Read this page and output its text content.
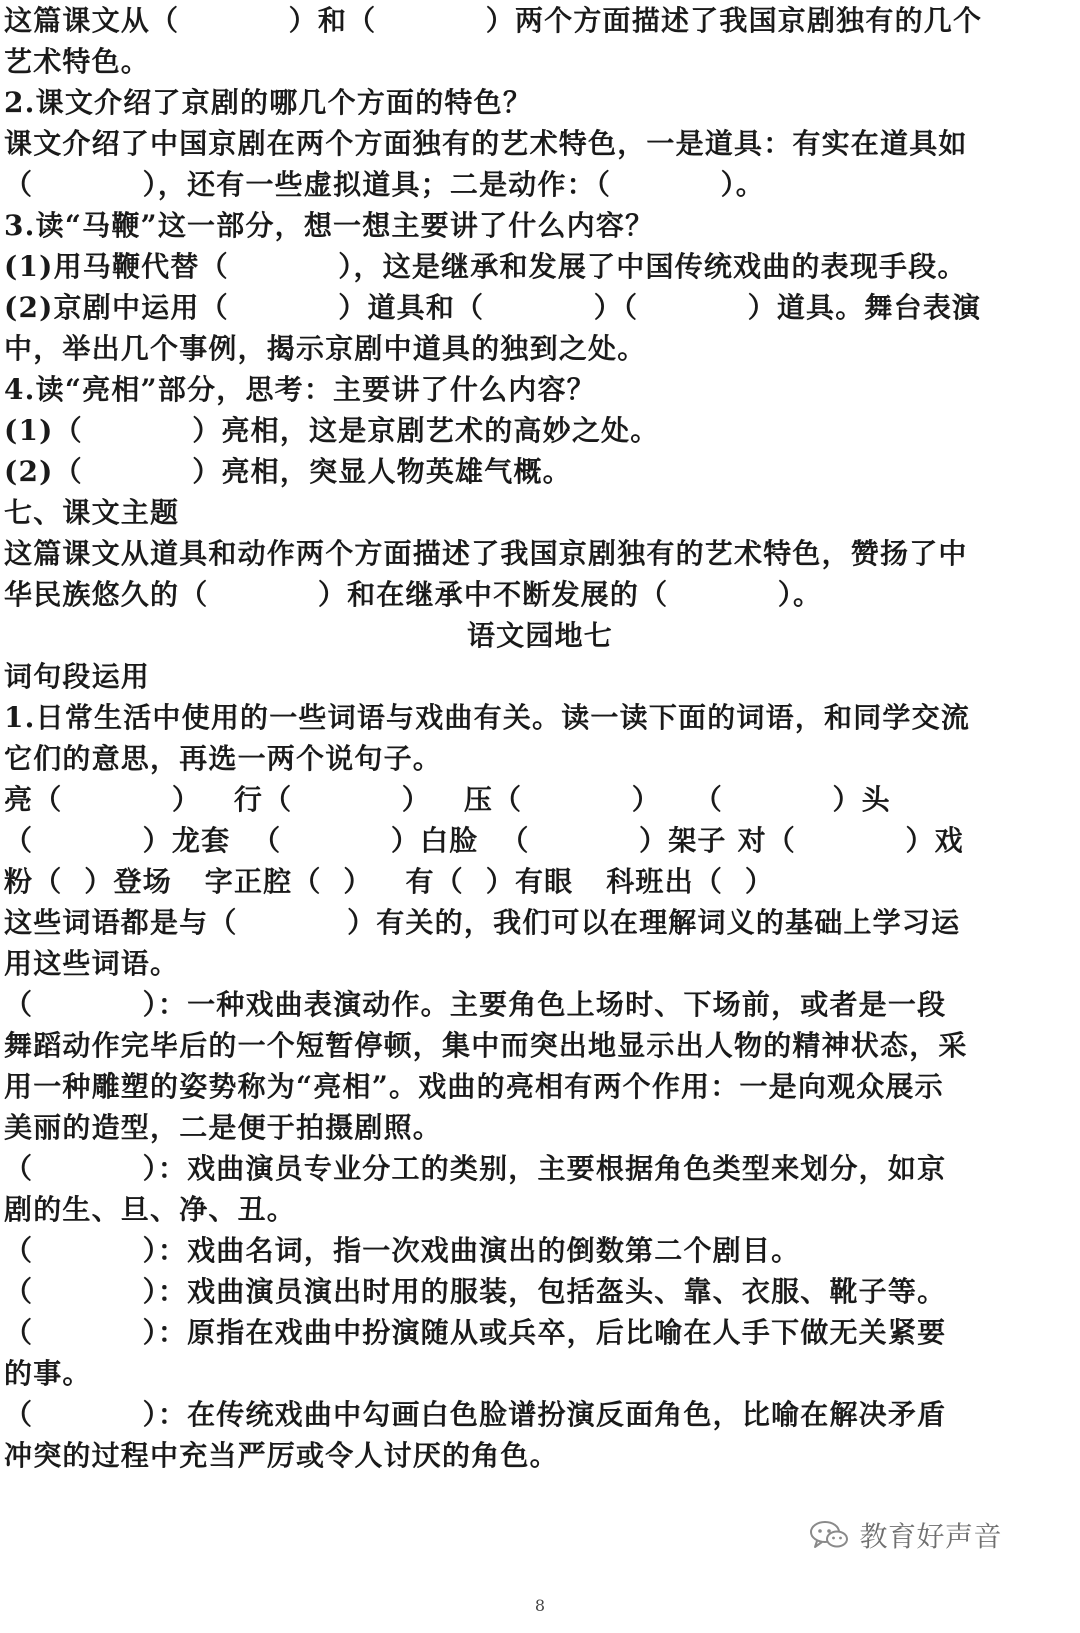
这篇课文从（          ）和（          ）两个方面描述了我国京剧独有的几个
艺术特色。
2.课文介绍了京剧的哪几个方面的特色？
课文介绍了中国京剧在两个方面独有的艺术特色，一是道具：有实在道具如
（          ），还有一些虚拟道具；二是动作：（          ）。
3.读“马鞭”这一部分，想一想主要讲了什么内容？
(1)用马鞭代替（          ），这是继承和发展了中国传统戏曲的表现手段。
(2)京剧中运用（          ）道具和（          ）（          ）道具。舞台表演
中，举出几个事例，揭示京剧中道具的独到之处。
4.读“亮相”部分，思考：主要讲了什么内容？
(1)（          ）亮相，这是京剧艺术的高妙之处。
(2)（          ）亮相，突显人物英雄气概。
七、课文主题
这篇课文从道具和动作两个方面描述了我国京剧独有的艺术特色，赞扬了中
华民族悠久的（          ）和在继承中不断发展的（          ）。
语文园地七
词句段运用
1.日常生活中使用的一些词语与戏曲有关。读一读下面的词语，和同学交流
它们的意思，再选一两个说句子。
亮（          ）   行（          ）   压（          ）   （          ）头
（          ）龙套  （          ）白脸  （          ）架子 对（          ）戏
粉（  ）登场   字正腔（  ）   有（  ）有眼   科班出（  ）
这些词语都是与（          ）有关的，我们可以在理解词义的基础上学习运
用这些词语。
（          ）：一种戏曲表演动作。主要角色上场时、下场前，或者是一段
舞蹈动作完毕后的一个短暂停顿，集中而突出地显示出人物的精神状态，采
用一种雕塑的姿势称为“亮相”。戏曲的亮相有两个作用：一是向观众展示
美丽的造型，二是便于拍摄剧照。
（          ）：戏曲演员专业分工的类别，主要根据角色类型来划分，如京
剧的生、旦、净、丑。
（          ）：戏曲名词，指一次戏曲演出的倒数第二个剧目。
（          ）：戏曲演员演出时用的服装，包括盔头、靠、衣服、靴子等。
（          ）：原指在戏曲中扮演随从或兵卒，后比喻在人手下做无关紧要
的事。
（          ）：在传统戏曲中勾画白色脸谱扮演反面角色，比喻在解决矛盾
冲突的过程中充当严厉或令人讨厌的角色。
教育好声音
8
